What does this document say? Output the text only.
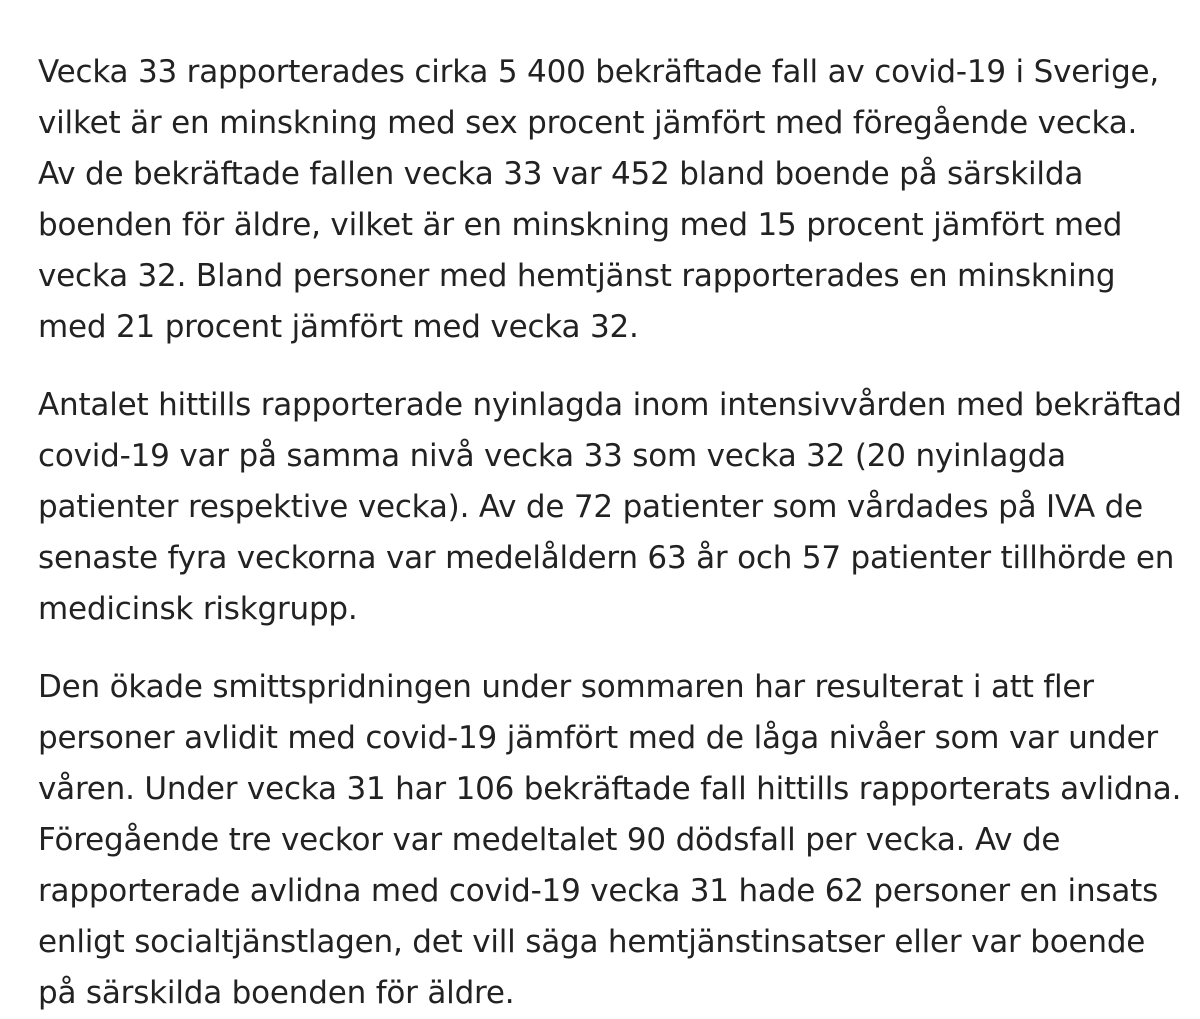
Vecka 33 rapporterades cirka 5 400 bekräftade fall av covid-19 i Sverige,
vilket är en minskning med sex procent jämfört med föregående vecka.
Av de bekräftade fallen vecka 33 var 452 bland boende på särskilda
boenden för äldre, vilket är en minskning med 15 procent jämfört med
vecka 32. Bland personer med hemtjänst rapporterades en minskning
med 21 procent jämfört med vecka 32.

Antalet hittills rapporterade nyinlagda inom intensivvården med bekräftad
covid-19 var på samma nivå vecka 33 som vecka 32 (20 nyinlagda
patienter respektive vecka). Av de 72 patienter som vårdades på IVA de
senaste fyra veckorna var medelåldern 63 år och 57 patienter tillhörde en
medicinsk riskgrupp.

Den ökade smittspridningen under sommaren har resulterat i att fler
personer avlidit med covid-19 jämfört med de låga nivåer som var under
våren. Under vecka 31 har 106 bekräftade fall hittills rapporterats avlidna.
Föregående tre veckor var medeltalet 90 dödsfall per vecka. Av de
rapporterade avlidna med covid-19 vecka 31 hade 62 personer en insats
enligt socialtjänstlagen, det vill säga hemtjänstinsatser eller var boende
på särskilda boenden för äldre.
